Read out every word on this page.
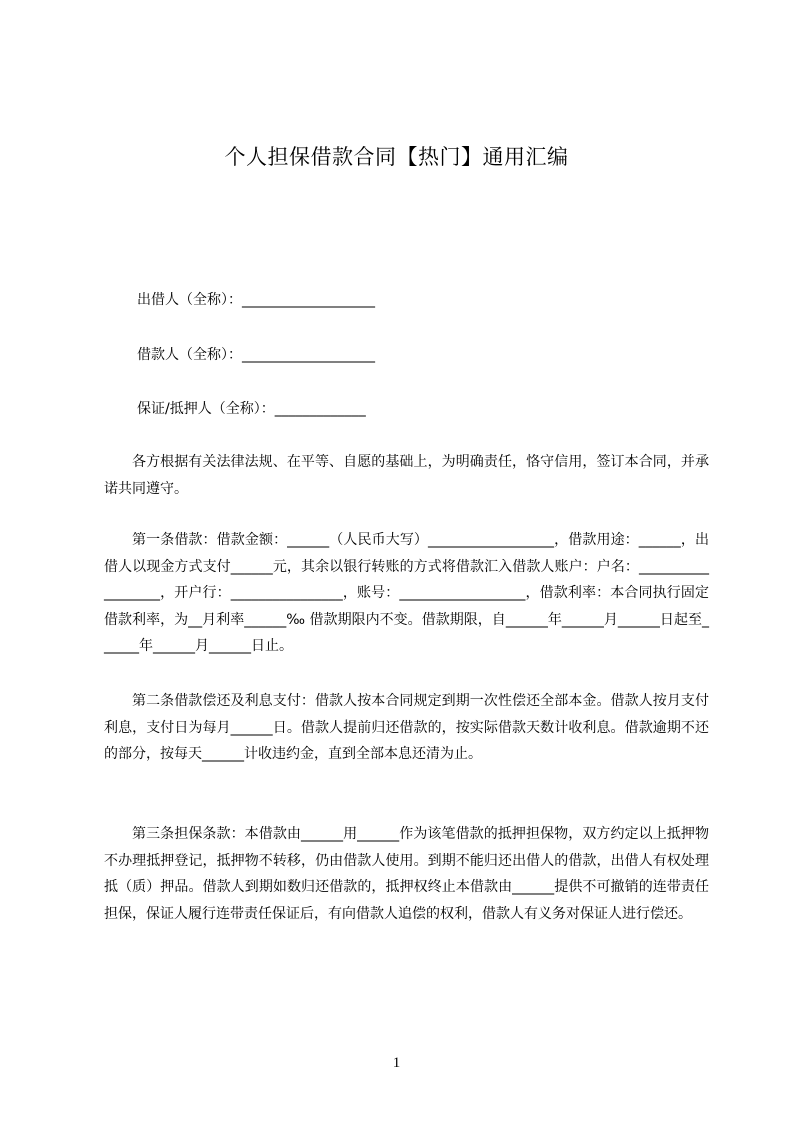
个人担保借款合同【热门】通用汇编
出借人（全称）：___________________
借款人（全称）：___________________
保证/抵押人（全称）：_____________

各方根据有关法律法规、在平等、自愿的基础上，为明确责任，恪守信用，签订本合同，并承诺共同遵守。

第一条借款：借款金额：______（人民币大写）__________________，借款用途：______，出借人以现金方式支付______元，其余以银行转账的方式将借款汇入借款人账户：户名：__________________，开户行：________________，账号：__________________，借款利率：本合同执行固定借款利率，为__月利率______‰ 借款期限内不变。借款期限，自______年______月______日起至______年______月______日止。

第二条借款偿还及利息支付：借款人按本合同规定到期一次性偿还全部本金。借款人按月支付利息，支付日为每月______日。借款人提前归还借款的，按实际借款天数计收利息。借款逾期不还的部分，按每天______计收违约金，直到全部本息还清为止。

第三条担保条款：本借款由______用______作为该笔借款的抵押担保物，双方约定以上抵押物不办理抵押登记，抵押物不转移，仍由借款人使用。到期不能归还出借人的借款，出借人有权处理抵（质）押品。借款人到期如数归还借款的，抵押权终止本借款由______提供不可撤销的连带责任担保，保证人履行连带责任保证后，有向借款人追偿的权利，借款人有义务对保证人进行偿还。

1
